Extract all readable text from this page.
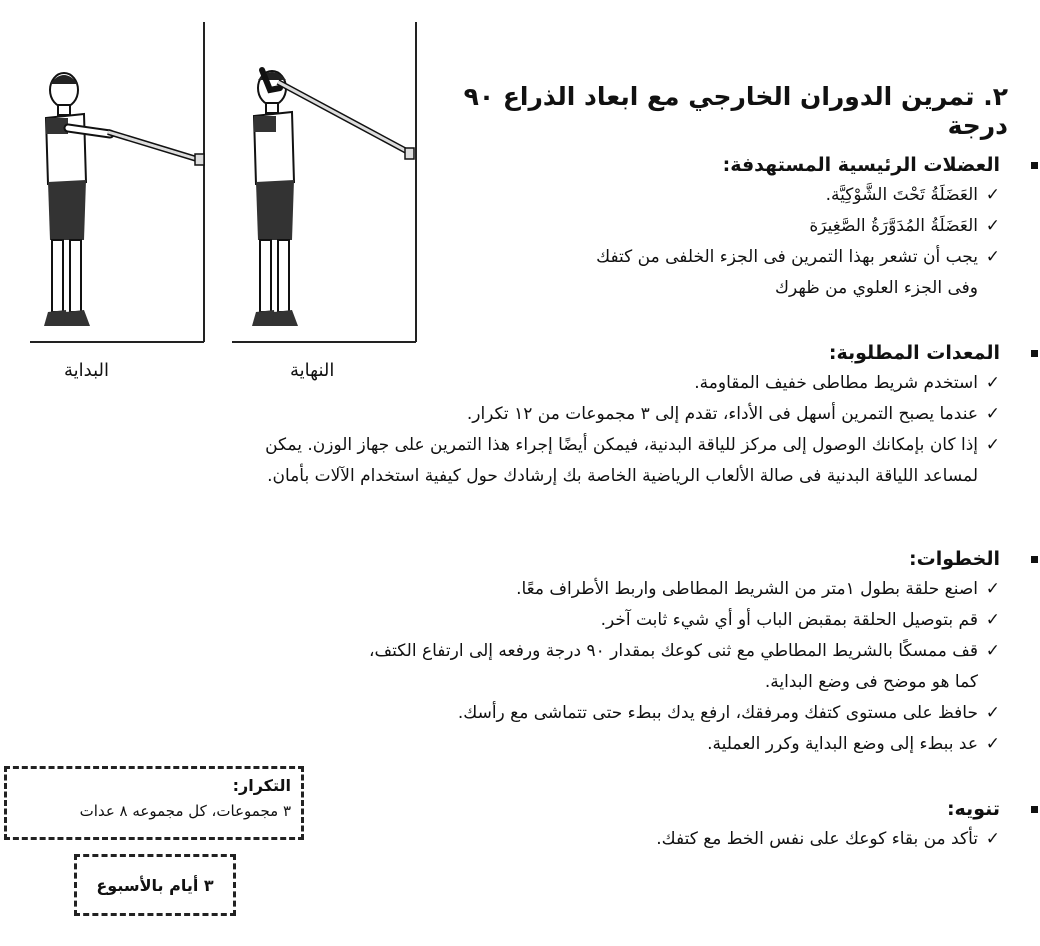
٢. تمرين الدوران الخارجي مع ابعاد الذراع ٩٠ درجة
البداية	النهاية
العضلات الرئيسية المستهدفة:
✓
العَضَلَةُ تَحْتَ الشَّوْكِيَّة.
✓
العَضَلَةُ المُدَوَّرَةُ الصَّغِيرَة
✓
يجب أن تشعر بهذا التمرين فى الجزء الخلفى من كتفك وفى الجزء العلوي من ظهرك
المعدات المطلوبة:
✓
استخدم شريط مطاطى خفيف المقاومة.
✓
عندما يصبح التمرين أسهل فى الأداء، تقدم إلى ٣ مجموعات من ١٢ تكرار.
✓
إذا كان بإمكانك الوصول إلى مركز للياقة البدنية، فيمكن أيضًا إجراء هذا التمرين على جهاز الوزن. يمكن لمساعد اللياقة البدنية فى صالة الألعاب الرياضية الخاصة بك إرشادك حول كيفية استخدام الآلات بأمان.
الخطوات:
✓
اصنع حلقة بطول ١متر من الشريط المطاطى واربط الأطراف معًا.
✓
قم بتوصيل الحلقة بمقبض الباب أو أي شيء ثابت آخر.
✓
قف ممسكًا بالشريط المطاطي مع ثنى كوعك بمقدار ٩٠ درجة ورفعه إلى ارتفاع الكتف، كما هو موضح فى وضع البداية.
✓
حافظ على مستوى كتفك ومرفقك، ارفع يدك ببطء حتى تتماشى مع رأسك.
✓
عد ببطء إلى وضع البداية وكرر العملية.
تنويه:
✓
تأكد من بقاء كوعك على نفس الخط مع كتفك.
التكرار:
٣ مجموعات، كل مجموعه ٨ عدات
٣ أيام بالأسبوع
